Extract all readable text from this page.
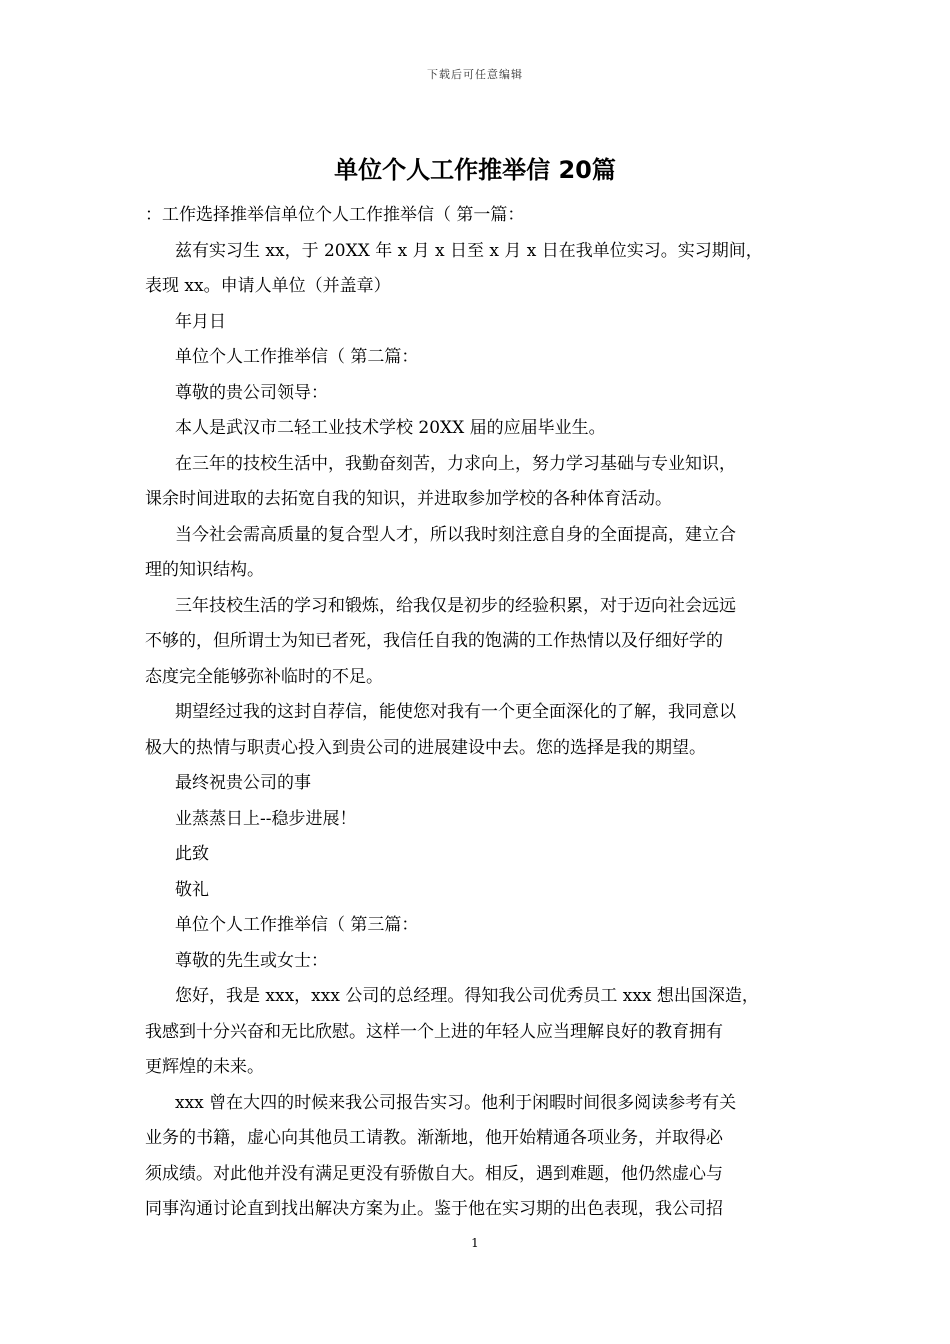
下载后可任意编辑
单位个人工作推举信 20篇
：工作选择推举信单位个人工作推举信（ 第一篇：
兹有实习生 xx，于 20XX 年 x 月 x 日至 x 月 x 日在我单位实习。实习期间，
表现 xx。申请人单位（并盖章）
年月日
单位个人工作推举信（ 第二篇：
尊敬的贵公司领导：
本人是武汉市二轻工业技术学校 20XX 届的应届毕业生。
在三年的技校生活中，我勤奋刻苦，力求向上，努力学习基础与专业知识，
课余时间进取的去拓宽自我的知识，并进取参加学校的各种体育活动。
当今社会需高质量的复合型人才，所以我时刻注意自身的全面提高，建立合
理的知识结构。
三年技校生活的学习和锻炼，给我仅是初步的经验积累，对于迈向社会远远
不够的，但所谓士为知已者死，我信任自我的饱满的工作热情以及仔细好学的
态度完全能够弥补临时的不足。
期望经过我的这封自荐信，能使您对我有一个更全面深化的了解，我同意以
极大的热情与职责心投入到贵公司的进展建设中去。您的选择是我的期望。
最终祝贵公司的事
业蒸蒸日上--稳步进展！
此致
敬礼
单位个人工作推举信（ 第三篇：
尊敬的先生或女士：
您好，我是 xxx，xxx 公司的总经理。得知我公司优秀员工 xxx 想出国深造，
我感到十分兴奋和无比欣慰。这样一个上进的年轻人应当理解良好的教育拥有
更辉煌的未来。
xxx 曾在大四的时候来我公司报告实习。他利于闲暇时间很多阅读参考有关
业务的书籍，虚心向其他员工请教。渐渐地，他开始精通各项业务，并取得必
须成绩。对此他并没有满足更没有骄傲自大。相反，遇到难题，他仍然虚心与
同事沟通讨论直到找出解决方案为止。鉴于他在实习期的出色表现，我公司招
1
